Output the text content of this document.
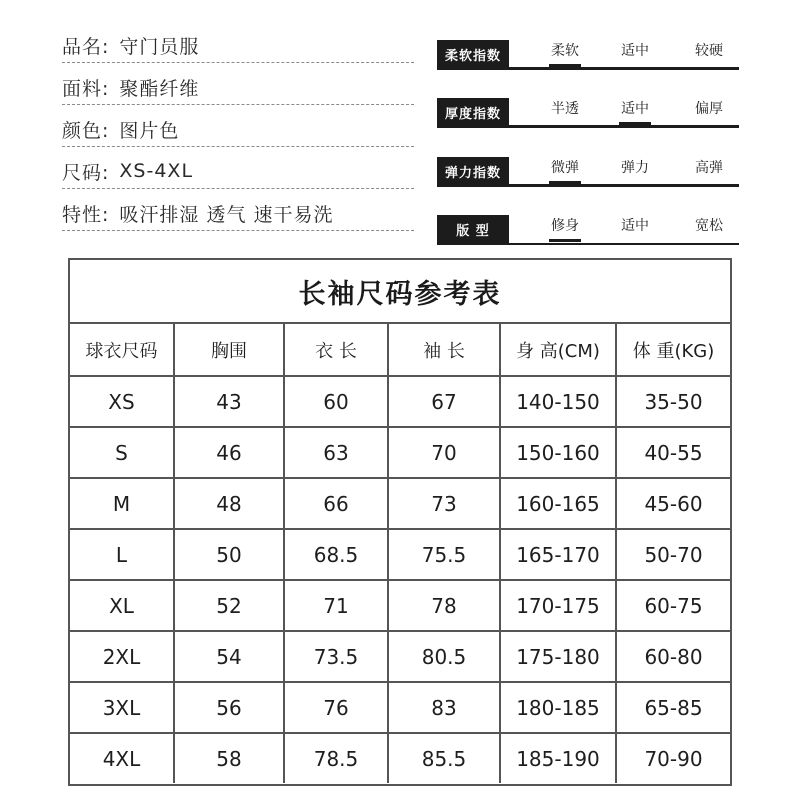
品名: 守门员服
面料: 聚酯纤维
颜色: 图片色
尺码: XS-4XL
特性: 吸汗排湿 透气 速干易洗
柔软指数	柔软	适中	较硬
厚度指数	半透	适中	偏厚
弹力指数	微弹	弹力	高弹
版 型	修身	适中	宽松
长袖尺码参考表
球衣尺码	胸围	衣 长	袖 长	身 高(CM)	体 重(KG)
XS	43	60	67	140-150	35-50
S	46	63	70	150-160	40-55
M	48	66	73	160-165	45-60
L	50	68.5	75.5	165-170	50-70
XL	52	71	78	170-175	60-75
2XL	54	73.5	80.5	175-180	60-80
3XL	56	76	83	180-185	65-85
4XL	58	78.5	85.5	185-190	70-90
